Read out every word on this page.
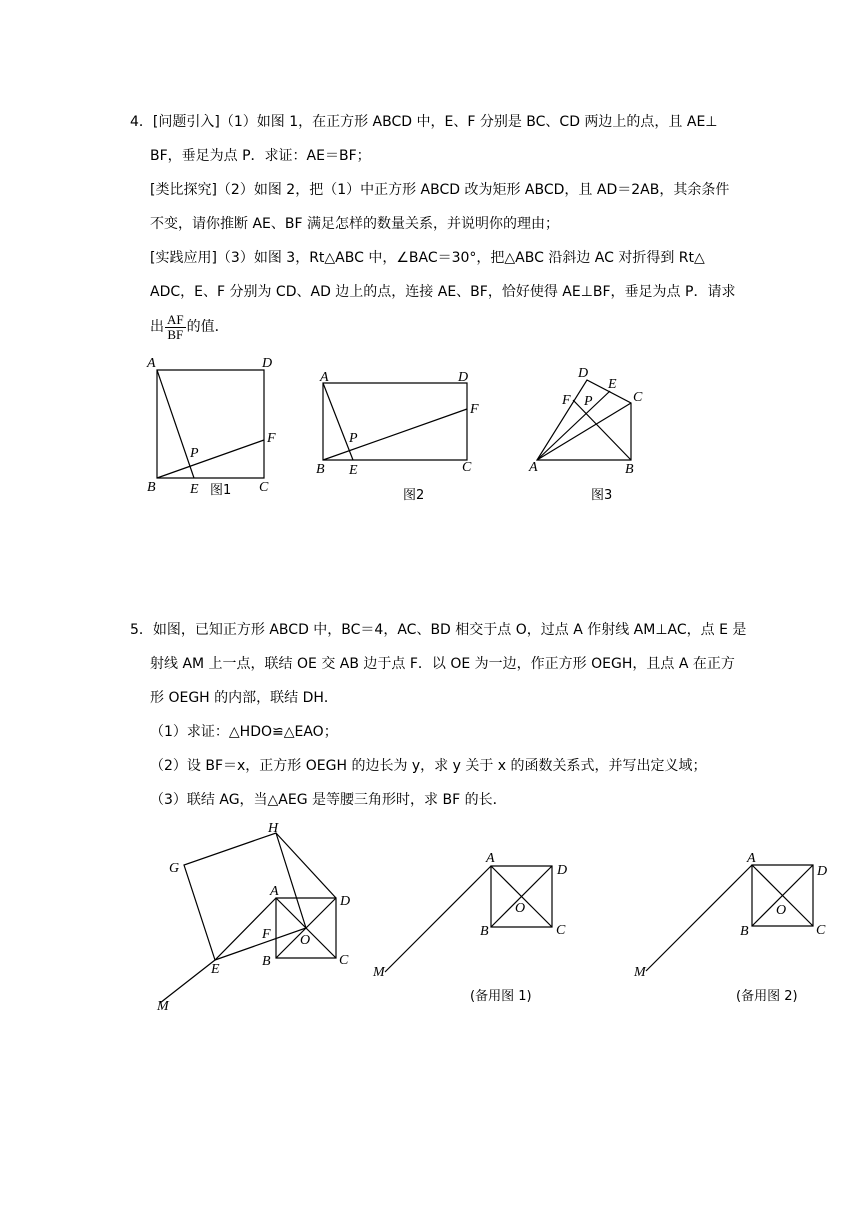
4．[问题引入]（1）如图 1，在正方形 ABCD 中，E、F 分别是 BC、CD 两边上的点，且 AE⊥
BF，垂足为点 P．求证：AE＝BF；
[类比探究]（2）如图 2，把（1）中正方形 ABCD 改为矩形 ABCD，且 AD＝2AB，其余条件
不变，请你推断 AE、BF 满足怎样的数量关系，并说明你的理由；
[实践应用]（3）如图 3，Rt△ABC 中，∠BAC＝30°，把△ABC 沿斜边 AC 对折得到 Rt△
ADC，E、F 分别为 CD、AD 边上的点，连接 AE、BF，恰好使得 AE⊥BF，垂足为点 P．请求
出 $\frac{AF}{BF}$ 的值．
A	D
B	C
E
F
P
图1
A	D
B	C
E
F
P
图2
D
E
C
F P
A	B
图3
A
D
B	C
O
F
E
G
H
M
A
D
B	C
O
M
(备用图 1)
A
D
B	C
O
M
(备用图 2)
5．如图，已知正方形 ABCD 中，BC＝4，AC、BD 相交于点 O，过点 A 作射线 AM⊥AC，点 E 是
射线 AM 上一点，联结 OE 交 AB 边于点 F．以 OE 为一边，作正方形 OEGH，且点 A 在正方
形 OEGH 的内部，联结 DH．
（1）求证：△HDO≌△EAO；
（2）设 BF＝x，正方形 OEGH 的边长为 y，求 y 关于 x 的函数关系式，并写出定义域；
（3）联结 AG，当△AEG 是等腰三角形时，求 BF 的长．
